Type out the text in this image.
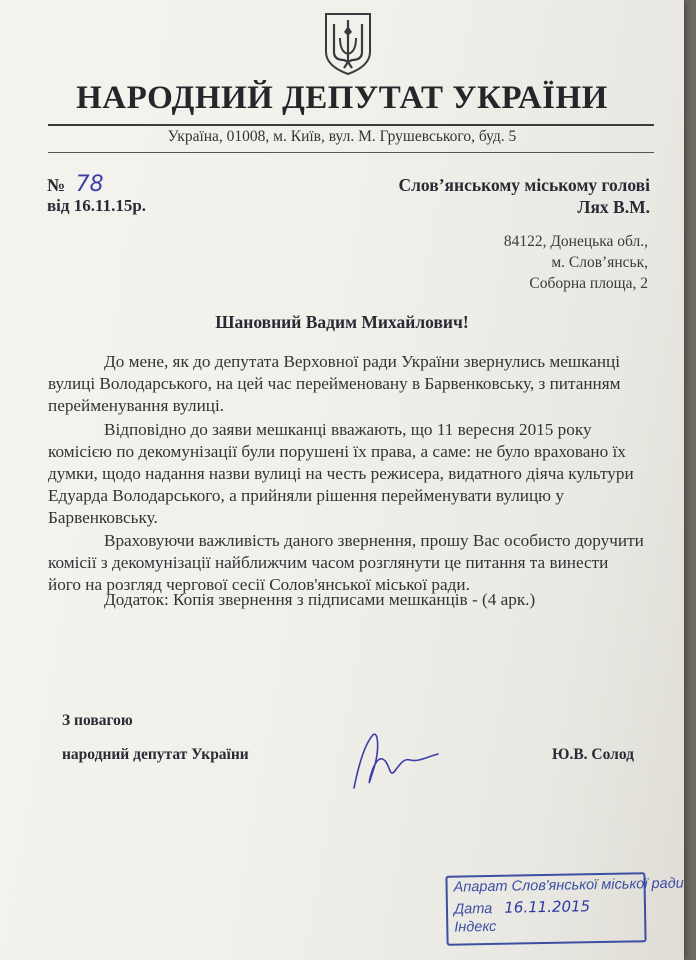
НАРОДНИЙ ДЕПУТАТ УКРАЇНИ
Україна, 01008, м. Київ, вул. М. Грушевського, буд. 5
№ 78
від 16.11.15р.
Слов’янському міському голові
Лях В.М.
84122, Донецька обл.,
м. Слов’янськ,
Соборна площа, 2
Шановний Вадим Михайлович!
До мене, як до депутата Верховної ради України звернулись мешканці
вулиці Володарського, на цей час перейменовану в Барвенковську, з питанням
перейменування вулиці.
Відповідно до заяви мешканці вважають, що 11 вересня 2015 року
комісією по декомунізації були порушені їх права, а саме: не було враховано їх
думки, щодо надання назви вулиці на честь режисера, видатного діяча культури
Едуарда Володарського, а прийняли рішення перейменувати вулицю у
Барвенковську.
Враховуючи важливість даного звернення, прошу Вас особисто доручити
комісії з декомунізації найближчим часом розглянути це питання та винести
його на розгляд чергової сесії Солов'янської міської ради.
Додаток: Копія звернення з підписами мешканців - (4 арк.)
З повагою
народний депутат України	Ю.В. Солод
Апарат Слов'янської міської ради
Дата 16.11.2015
Індекс
